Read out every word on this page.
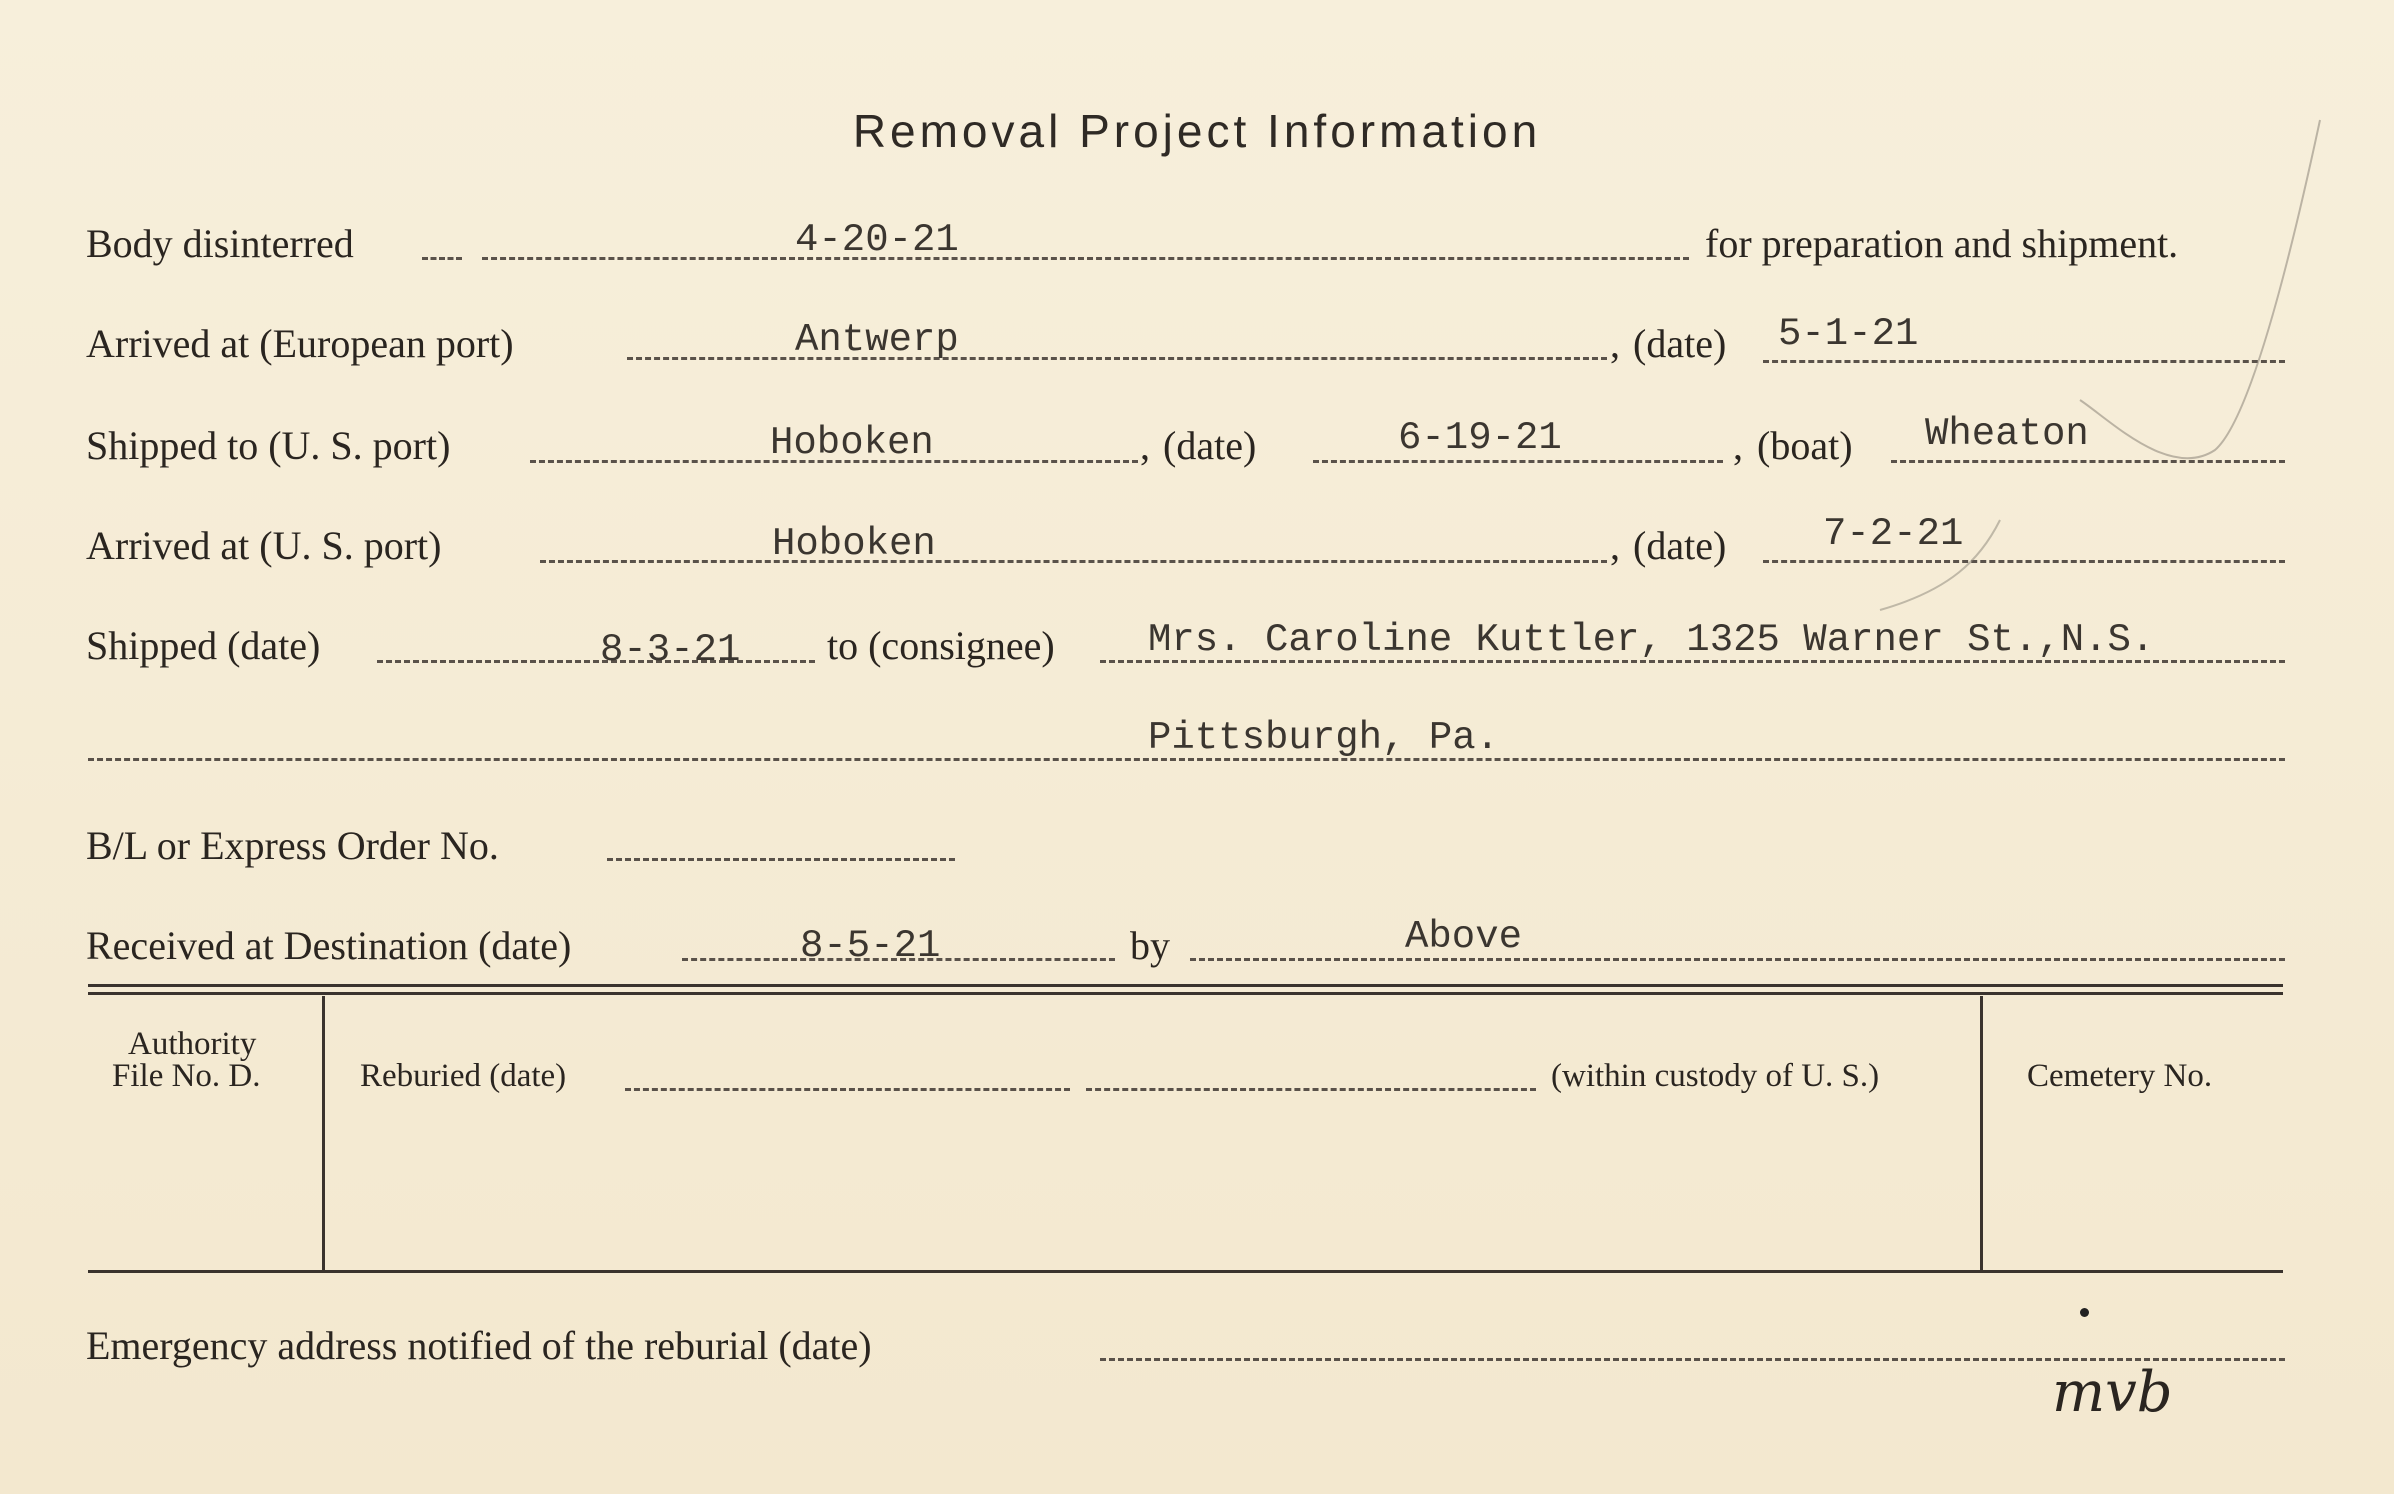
Removal Project Information
Body disinterred	4-20-21	for preparation and shipment.
Arrived at (European port)	Antwerp	, (date) 5-1-21
Shipped to (U. S. port)	Hoboken	, (date)	6-19-21	, (boat) Wheaton
Arrived at (U. S. port)	Hoboken	, (date) 7-2-21
Shipped (date)	8-3-21 to (consignee) Mrs. Caroline Kuttler, 1325 Warner St.,N.S.
Pittsburgh, Pa.
B/L or Express Order No.
Received at Destination (date)	8-5-21	by	Above
Authority
File No. D.	Reburied (date)	(within custody of U. S.)	Cemetery No.
Emergency address notified of the reburial (date)
mvb
